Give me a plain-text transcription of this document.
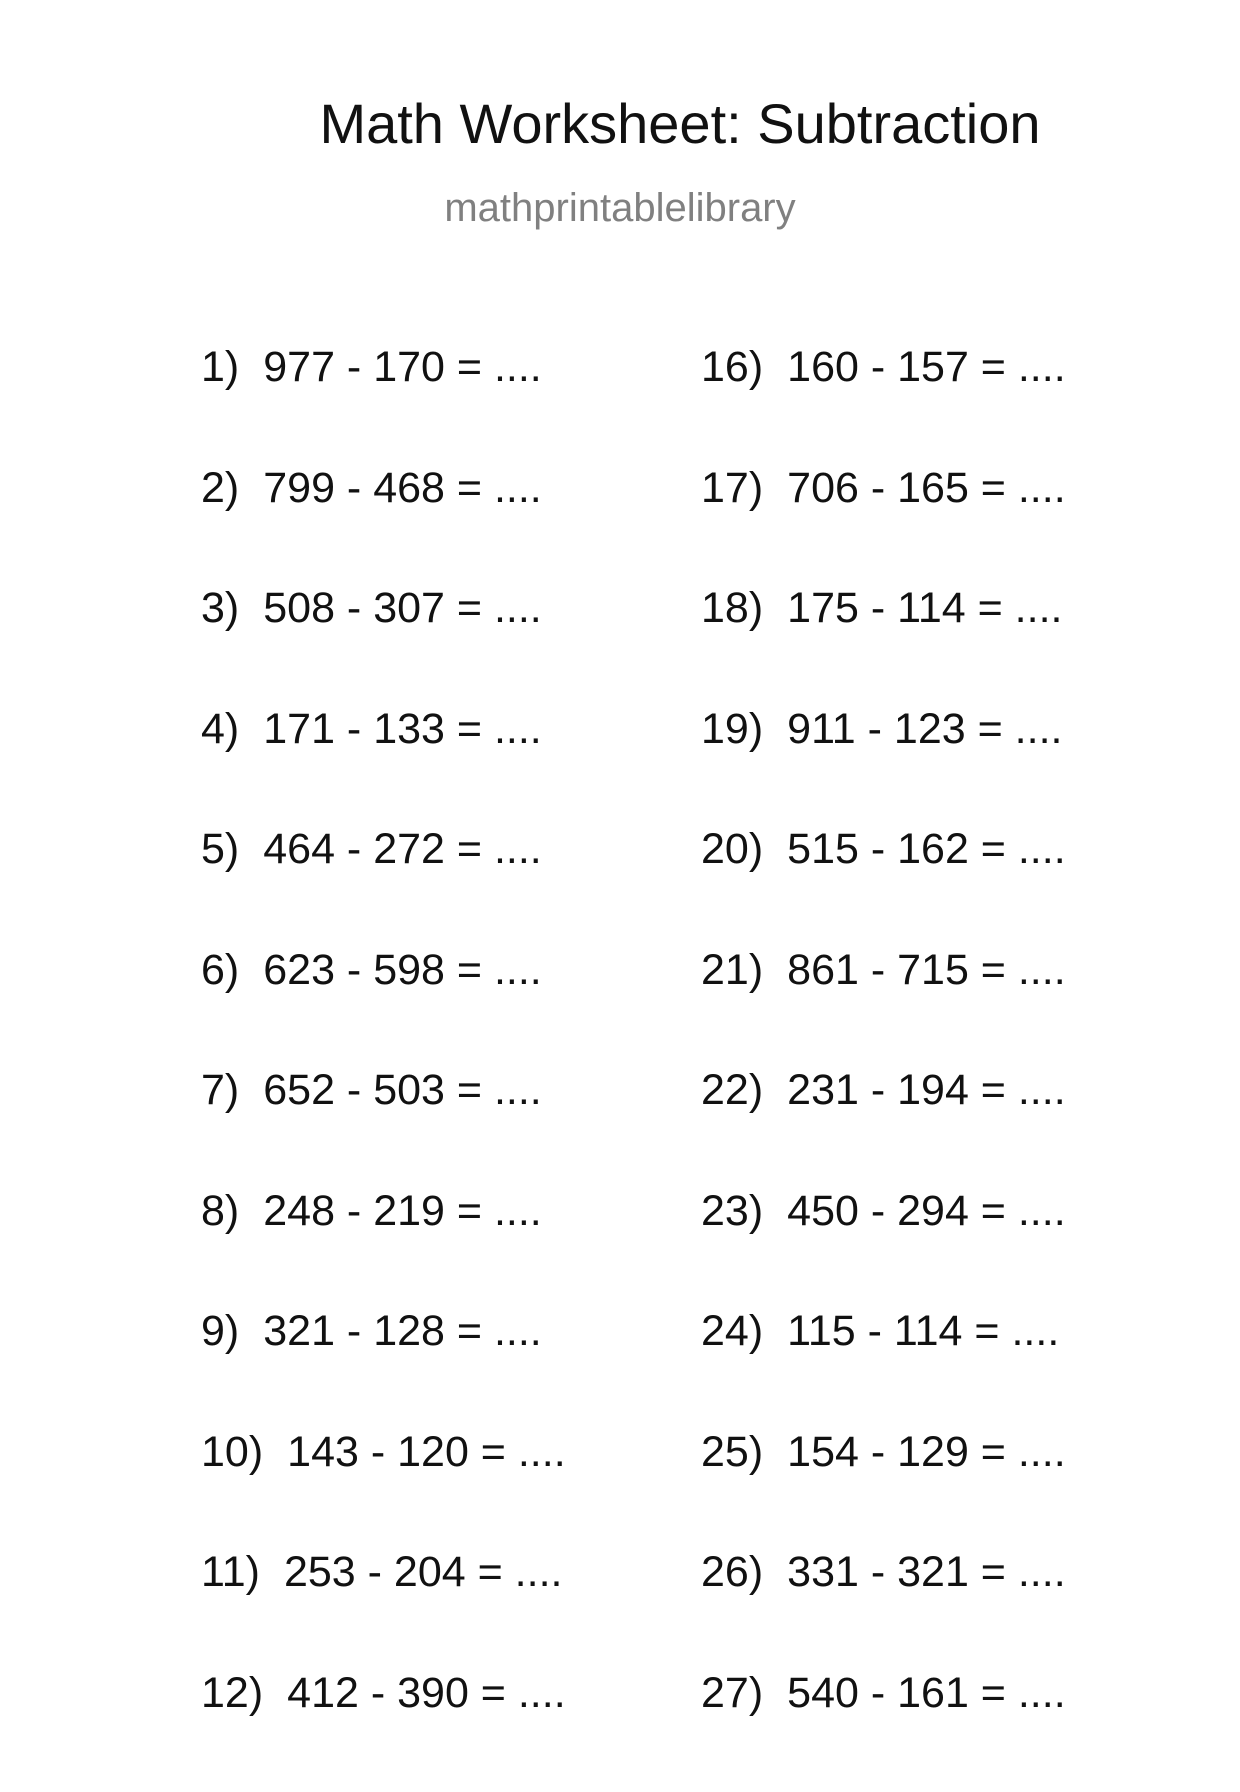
Math Worksheet: Subtraction
mathprintablelibrary
1) 977 - 170 = ....
2) 799 - 468 = ....
3) 508 - 307 = ....
4) 171 - 133 = ....
5) 464 - 272 = ....
6) 623 - 598 = ....
7) 652 - 503 = ....
8) 248 - 219 = ....
9) 321 - 128 = ....
10) 143 - 120 = ....
11) 253 - 204 = ....
12) 412 - 390 = ....
16) 160 - 157 = ....
17) 706 - 165 = ....
18) 175 - 114 = ....
19) 911 - 123 = ....
20) 515 - 162 = ....
21) 861 - 715 = ....
22) 231 - 194 = ....
23) 450 - 294 = ....
24) 115 - 114 = ....
25) 154 - 129 = ....
26) 331 - 321 = ....
27) 540 - 161 = ....
